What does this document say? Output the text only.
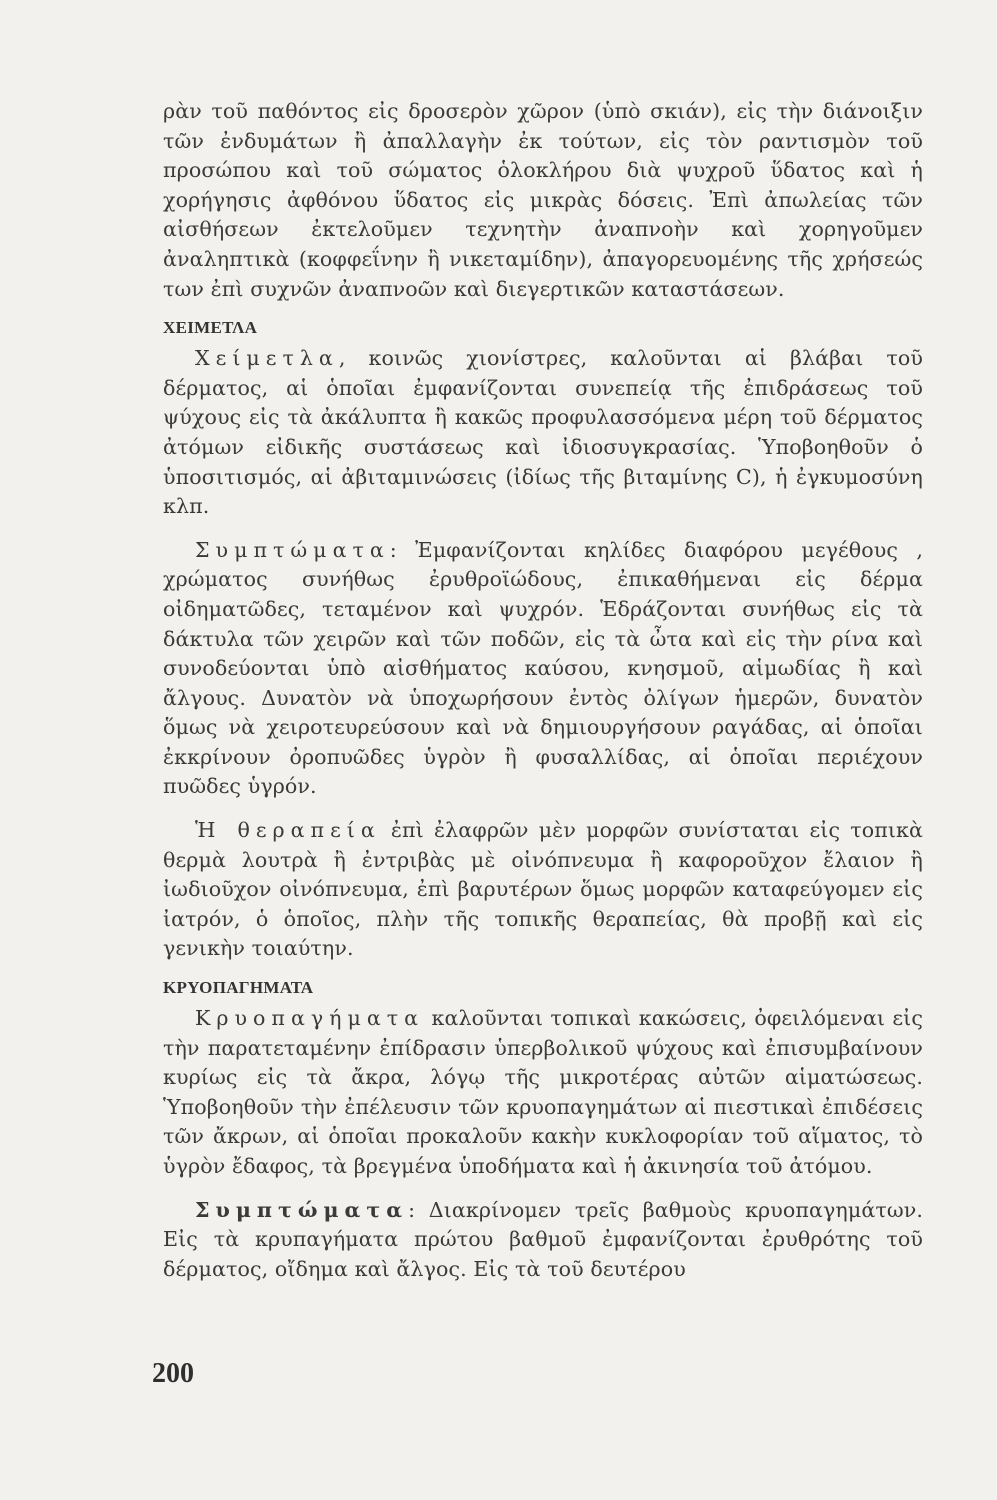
ρὰν τοῦ παθόντος εἰς δροσερὸν χῶρον (ὑπὸ σκιάν), εἰς τὴν διάνοιξιν τῶν ἐνδυμάτων ἢ ἀπαλλαγὴν ἐκ τούτων, εἰς τὸν ραντισμὸν τοῦ προσώπου καὶ τοῦ σώματος ὁλοκλήρου διὰ ψυχροῦ ὕδατος καὶ ἡ χορήγησις ἀφθόνου ὕδατος εἰς μικρὰς δόσεις. Ἐπὶ ἀπωλείας τῶν αἰσθήσεων ἐκτελοῦμεν τεχνητὴν ἀναπνοὴν καὶ χορηγοῦμεν ἀναληπτικὰ (κοφφεΐνην ἢ νικεταμίδην), ἀπαγορευομένης τῆς χρήσεώς των ἐπὶ συχνῶν ἀναπνοῶν καὶ διεγερτικῶν καταστάσεων.

ΧΕΙΜΕΤΛΑ

Χείμετλα, κοινῶς χιονίστρες, καλοῦνται αἱ βλάβαι τοῦ δέρματος, αἱ ὁποῖαι ἐμφανίζονται συνεπείᾳ τῆς ἐπιδράσεως τοῦ ψύχους εἰς τὰ ἀκάλυπτα ἢ κακῶς προφυλασσόμενα μέρη τοῦ δέρματος ἀτόμων εἰδικῆς συστάσεως καὶ ἰδιοσυγκρασίας. Ὑποβοηθοῦν ὁ ὑποσιτισμός, αἱ ἀβιταμινώσεις (ἰδίως τῆς βιταμίνης C), ἡ ἐγκυμοσύνη κλπ.

Συμπτώματα: Ἐμφανίζονται κηλίδες διαφόρου μεγέθους , χρώματος συνήθως ἐρυθροϊώδους, ἐπικαθήμεναι εἰς δέρμα οἰδηματῶδες, τεταμένον καὶ ψυχρόν. Ἑδράζονται συνήθως εἰς τὰ δάκτυλα τῶν χειρῶν καὶ τῶν ποδῶν, εἰς τὰ ὦτα καὶ εἰς τὴν ρίνα καὶ συνοδεύονται ὑπὸ αἰσθήματος καύσου, κνησμοῦ, αἱμωδίας ἢ καὶ ἄλγους. Δυνατὸν νὰ ὑποχωρήσουν ἐντὸς ὀλίγων ἡμερῶν, δυνατὸν ὅμως νὰ χειροτευρεύσουν καὶ νὰ δημιουργήσουν ραγάδας, αἱ ὁποῖαι ἐκκρίνουν ὀροπυῶδες ὑγρὸν ἢ φυσαλλίδας, αἱ ὁποῖαι περιέχουν πυῶδες ὑγρόν.

Ἡ θεραπεία ἐπὶ ἐλαφρῶν μὲν μορφῶν συνίσταται εἰς τοπικὰ θερμὰ λουτρὰ ἢ ἐντριβὰς μὲ οἰνόπνευμα ἢ καφοροῦχον ἔλαιον ἢ ἰωδιοῦχον οἰνόπνευμα, ἐπὶ βαρυτέρων ὅμως μορφῶν καταφεύγομεν εἰς ἰατρόν, ὁ ὁποῖος, πλὴν τῆς τοπικῆς θεραπείας, θὰ προβῇ καὶ εἰς γενικὴν τοιαύτην.

ΚΡΥΟΠΑΓΗΜΑΤΑ

Κρυοπαγήματα καλοῦνται τοπικαὶ κακώσεις, ὀφειλόμεναι εἰς τὴν παρατεταμένην ἐπίδρασιν ὑπερβολικοῦ ψύχους καὶ ἐπισυμβαίνουν κυρίως εἰς τὰ ἄκρα, λόγῳ τῆς μικροτέρας αὐτῶν αἱματώσεως. Ὑποβοηθοῦν τὴν ἐπέλευσιν τῶν κρυοπαγημάτων αἱ πιεστικαὶ ἐπιδέσεις τῶν ἄκρων, αἱ ὁποῖαι προκαλοῦν κακὴν κυκλοφορίαν τοῦ αἵματος, τὸ ὑγρὸν ἔδαφος, τὰ βρεγμένα ὑποδήματα καὶ ἡ ἀκινησία τοῦ ἀτόμου.

Συμπτώματα: Διακρίνομεν τρεῖς βαθμοὺς κρυοπαγημάτων. Εἰς τὰ κρυπαγήματα πρώτου βαθμοῦ ἐμφανίζονται ἐρυθρότης τοῦ δέρματος, οἴδημα καὶ ἄλγος. Εἰς τὰ τοῦ δευτέρου

200
